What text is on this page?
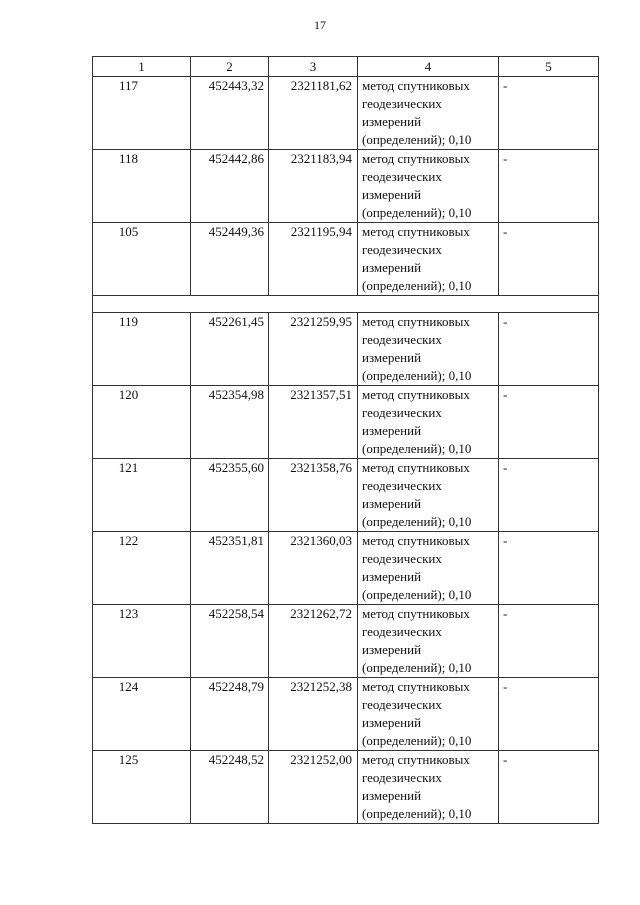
17
1	2	3	4	5
117	452443,32	2321181,62	метод спутниковых геодезических измерений (определений); 0,10	-
118	452442,86	2321183,94	метод спутниковых геодезических измерений (определений); 0,10	-
105	452449,36	2321195,94	метод спутниковых геодезических измерений (определений); 0,10	-

119	452261,45	2321259,95	метод спутниковых геодезических измерений (определений); 0,10	-
120	452354,98	2321357,51	метод спутниковых геодезических измерений (определений); 0,10	-
121	452355,60	2321358,76	метод спутниковых геодезических измерений (определений); 0,10	-
122	452351,81	2321360,03	метод спутниковых геодезических измерений (определений); 0,10	-
123	452258,54	2321262,72	метод спутниковых геодезических измерений (определений); 0,10	-
124	452248,79	2321252,38	метод спутниковых геодезических измерений (определений); 0,10	-
125	452248,52	2321252,00	метод спутниковых геодезических измерений (определений); 0,10	-
